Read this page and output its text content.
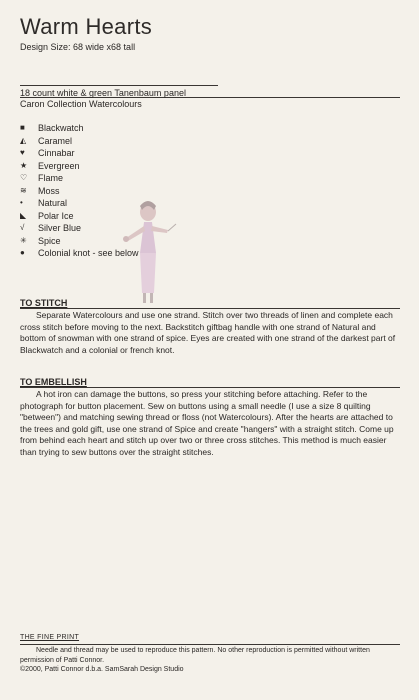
Warm Hearts
Design Size: 68 wide x68 tall
18 count white & green Tanenbaum panel
Caron Collection Watercolours
■	Blackwatch
◭	Caramel
♥	Cinnabar
★	Evergreen
♡	Flame
≋	Moss
•	Natural
◣	Polar Ice
√	Silver Blue
✳	Spice
●	Colonial knot - see below
TO STITCH

Separate Watercolours and use one strand. Stitch over two threads of linen and complete each cross stitch before moving to the next. Backstitch giftbag handle with one strand of Natural and bottom of snowman with one strand of spice. Eyes are created with one strand of the darkest part of Blackwatch and a colonial or french knot.

TO EMBELLISH

A hot iron can damage the buttons, so press your stitching before attaching. Refer to the photograph for button placement. Sew on buttons using a small needle (I use a size 8 quilting "between") and matching sewing thread or floss (not Watercolours). After the hearts are attached to the trees and gold gift, use one strand of Spice and create "hangers" with a straight stitch. Come up from behind each heart and stitch up over two or three cross stitches. This method is much easier than trying to sew buttons over the straight stitches.

THE FINE PRINT

Needle and thread may be used to reproduce this pattern. No other reproduction is permitted without written permission of Patti Connor.

©2000, Patti Connor d.b.a. SamSarah Design Studio
